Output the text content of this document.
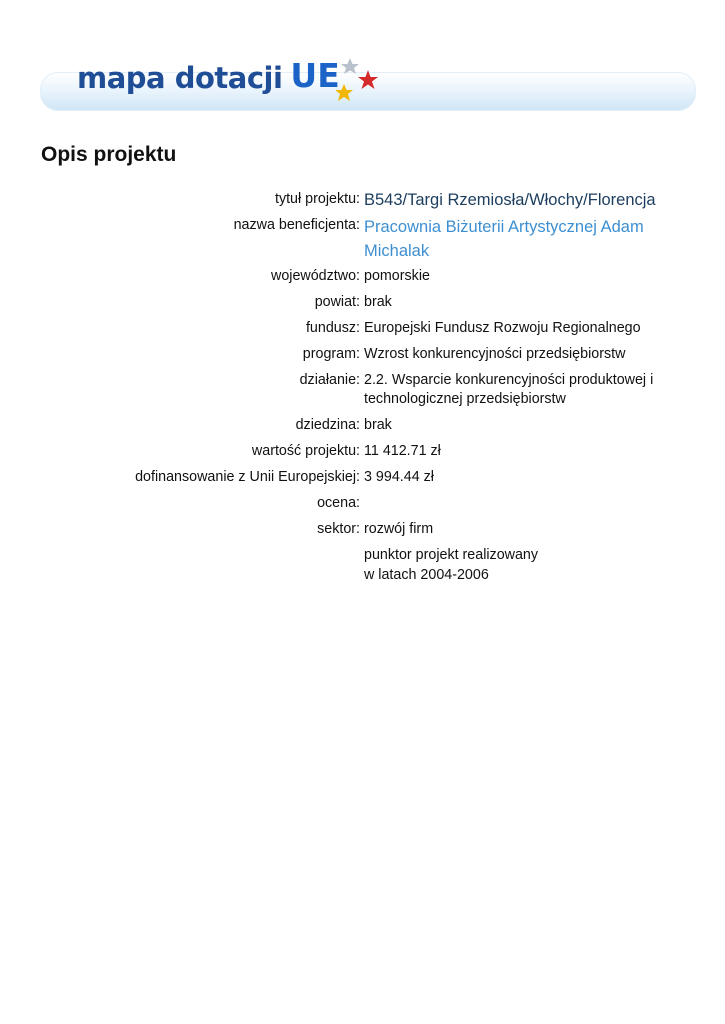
mapa dotacji UE
Opis projektu
tytuł projektu: B543/Targi Rzemiosła/Włochy/Florencja
nazwa beneficjenta: Pracownia Biżuterii Artystycznej Adam Michalak
województwo: pomorskie
powiat: brak
fundusz: Europejski Fundusz Rozwoju Regionalnego
program: Wzrost konkurencyjności przedsiębiorstw
działanie: 2.2. Wsparcie konkurencyjności produktowej i technologicznej przedsiębiorstw
dziedzina: brak
wartość projektu: 11 412.71 zł
dofinansowanie z Unii Europejskiej: 3 994.44 zł
ocena:
sektor: rozwój firm
punktor projekt realizowany
w latach 2004-2006
